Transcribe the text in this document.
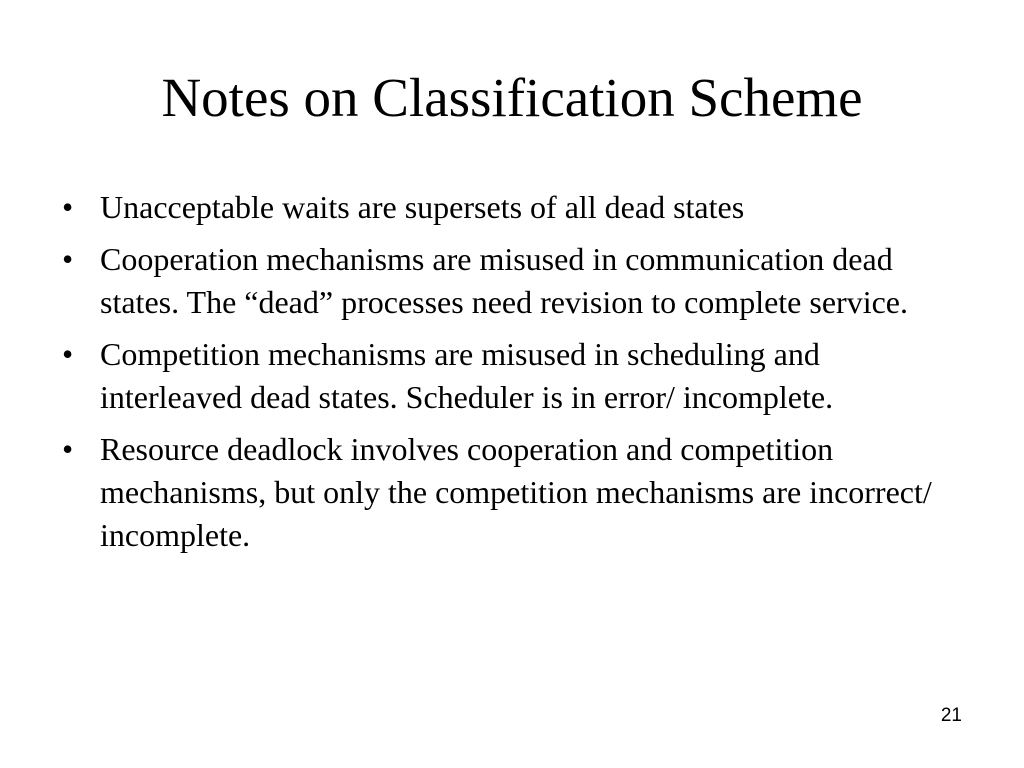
Notes on Classification Scheme
• Unacceptable waits are supersets of all dead states
• Cooperation mechanisms are misused in communication dead states. The “dead” processes need revision to complete service.
• Competition mechanisms are misused in scheduling and interleaved dead states. Scheduler is in error/ incomplete.
• Resource deadlock involves cooperation and competition mechanisms, but only the competition mechanisms are incorrect/ incomplete.
21
